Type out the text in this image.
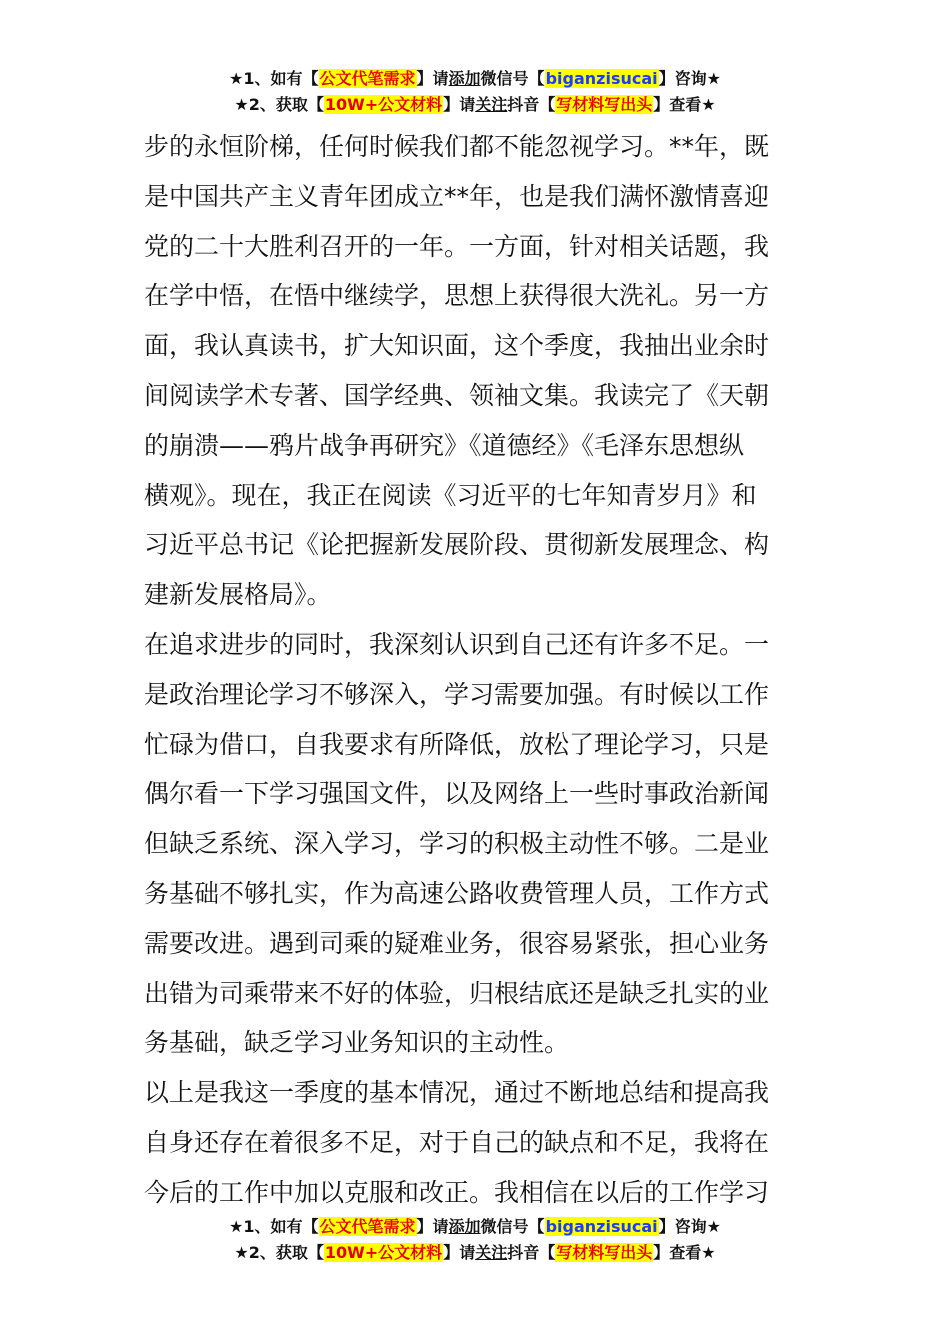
★1、如有【公文代笔需求】请添加微信号【biganzisucai】咨询★
★2、获取【10W+公文材料】请关注抖音【写材料写出头】查看★

步的永恒阶梯，任何时候我们都不能忽视学习。**年，既
是中国共产主义青年团成立**年，也是我们满怀激情喜迎
党的二十大胜利召开的一年。一方面，针对相关话题，我
在学中悟，在悟中继续学，思想上获得很大洗礼。另一方
面，我认真读书，扩大知识面，这个季度，我抽出业余时
间阅读学术专著、国学经典、领袖文集。我读完了《天朝
的崩溃——鸦片战争再研究》《道德经》《毛泽东思想纵
横观》。现在，我正在阅读《习近平的七年知青岁月》和
习近平总书记《论把握新发展阶段、贯彻新发展理念、构
建新发展格局》。

在追求进步的同时，我深刻认识到自己还有许多不足。一
是政治理论学习不够深入，学习需要加强。有时候以工作
忙碌为借口，自我要求有所降低，放松了理论学习，只是
偶尔看一下学习强国文件，以及网络上一些时事政治新闻
但缺乏系统、深入学习，学习的积极主动性不够。二是业
务基础不够扎实，作为高速公路收费管理人员，工作方式
需要改进。遇到司乘的疑难业务，很容易紧张，担心业务
出错为司乘带来不好的体验，归根结底还是缺乏扎实的业
务基础，缺乏学习业务知识的主动性。

以上是我这一季度的基本情况，通过不断地总结和提高我
自身还存在着很多不足，对于自己的缺点和不足，我将在
今后的工作中加以克服和改正。我相信在以后的工作学习

★1、如有【公文代笔需求】请添加微信号【biganzisucai】咨询★
★2、获取【10W+公文材料】请关注抖音【写材料写出头】查看★
